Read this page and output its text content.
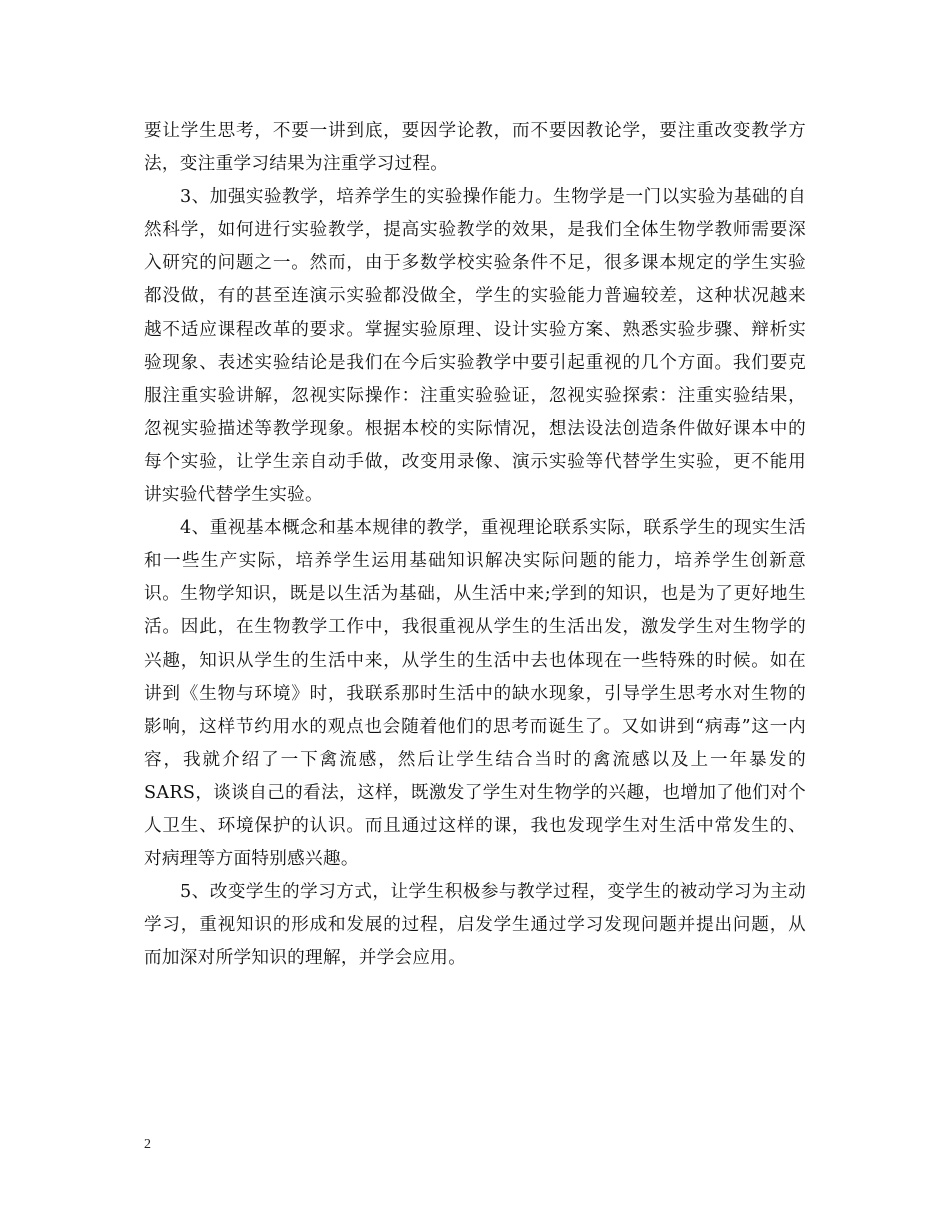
要让学生思考，不要一讲到底，要因学论教，而不要因教论学，要注重改变教学方法，变注重学习结果为注重学习过程。

3、加强实验教学，培养学生的实验操作能力。生物学是一门以实验为基础的自然科学，如何进行实验教学，提高实验教学的效果，是我们全体生物学教师需要深入研究的问题之一。然而，由于多数学校实验条件不足，很多课本规定的学生实验都没做，有的甚至连演示实验都没做全，学生的实验能力普遍较差，这种状况越来越不适应课程改革的要求。掌握实验原理、设计实验方案、熟悉实验步骤、辩析实验现象、表述实验结论是我们在今后实验教学中要引起重视的几个方面。我们要克服注重实验讲解，忽视实际操作：注重实验验证，忽视实验探索：注重实验结果，忽视实验描述等教学现象。根据本校的实际情况，想法设法创造条件做好课本中的每个实验，让学生亲自动手做，改变用录像、演示实验等代替学生实验，更不能用讲实验代替学生实验。

4、重视基本概念和基本规律的教学，重视理论联系实际，联系学生的现实生活和一些生产实际，培养学生运用基础知识解决实际问题的能力，培养学生创新意识。生物学知识，既是以生活为基础，从生活中来;学到的知识，也是为了更好地生活。因此，在生物教学工作中，我很重视从学生的生活出发，激发学生对生物学的兴趣，知识从学生的生活中来，从学生的生活中去也体现在一些特殊的时候。如在讲到《生物与环境》时，我联系那时生活中的缺水现象，引导学生思考水对生物的影响，这样节约用水的观点也会随着他们的思考而诞生了。又如讲到“病毒”这一内容，我就介绍了一下禽流感，然后让学生结合当时的禽流感以及上一年暴发的SARS，谈谈自己的看法，这样，既激发了学生对生物学的兴趣，也增加了他们对个人卫生、环境保护的认识。而且通过这样的课，我也发现学生对生活中常发生的、对病理等方面特别感兴趣。

5、改变学生的学习方式，让学生积极参与教学过程，变学生的被动学习为主动学习，重视知识的形成和发展的过程，启发学生通过学习发现问题并提出问题，从而加深对所学知识的理解，并学会应用。

2
